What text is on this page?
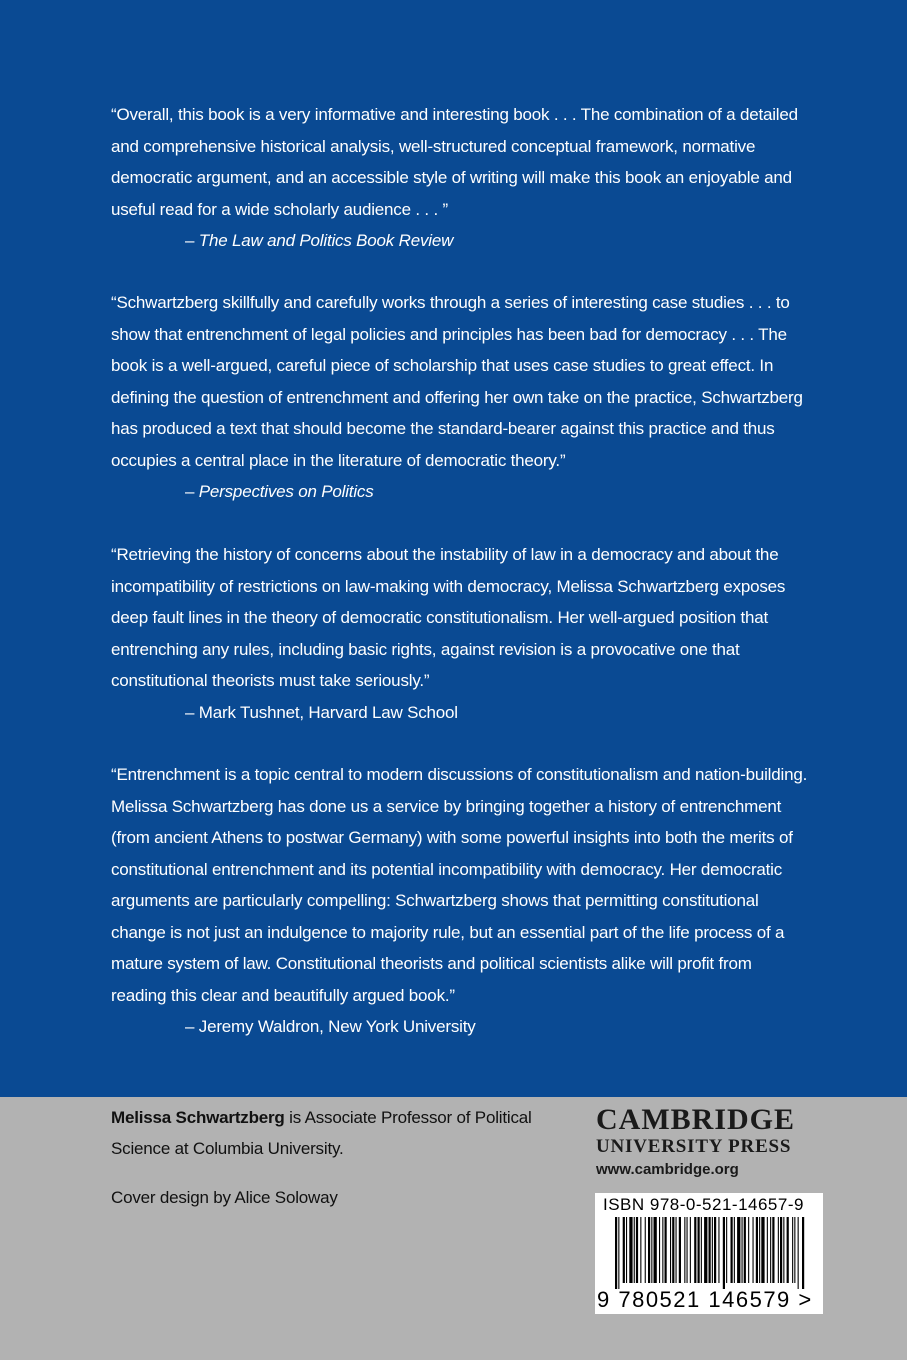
“Overall, this book is a very informative and interesting book . . . The combination of a detailed and comprehensive historical analysis, well-structured conceptual framework, normative democratic argument, and an accessible style of writing will make this book an enjoyable and useful read for a wide scholarly audience . . . ”

– The Law and Politics Book Review

“Schwartzberg skillfully and carefully works through a series of interesting case studies . . . to show that entrenchment of legal policies and principles has been bad for democracy . . . The book is a well-argued, careful piece of scholarship that uses case studies to great effect. In defining the question of entrenchment and offering her own take on the practice, Schwartzberg has produced a text that should become the standard-bearer against this practice and thus occupies a central place in the literature of democratic theory.”

– Perspectives on Politics

“Retrieving the history of concerns about the instability of law in a democracy and about the incompatibility of restrictions on law-making with democracy, Melissa Schwartzberg exposes deep fault lines in the theory of democratic constitutionalism. Her well-argued position that entrenching any rules, including basic rights, against revision is a provocative one that constitutional theorists must take seriously.”

– Mark Tushnet, Harvard Law School

“Entrenchment is a topic central to modern discussions of constitutionalism and nation-building. Melissa Schwartzberg has done us a service by bringing together a history of entrenchment (from ancient Athens to postwar Germany) with some powerful insights into both the merits of constitutional entrenchment and its potential incompatibility with democracy. Her democratic arguments are particularly compelling: Schwartzberg shows that permitting constitutional change is not just an indulgence to majority rule, but an essential part of the life process of a mature system of law. Constitutional theorists and political scientists alike will profit from reading this clear and beautifully argued book.”

– Jeremy Waldron, New York University

Melissa Schwartzberg is Associate Professor of Political Science at Columbia University.
Cover design by Alice Soloway
CAMBRIDGE
UNIVERSITY PRESS
www.cambridge.org
ISBN 978-0-521-14657-9
9 780521 146579 >
